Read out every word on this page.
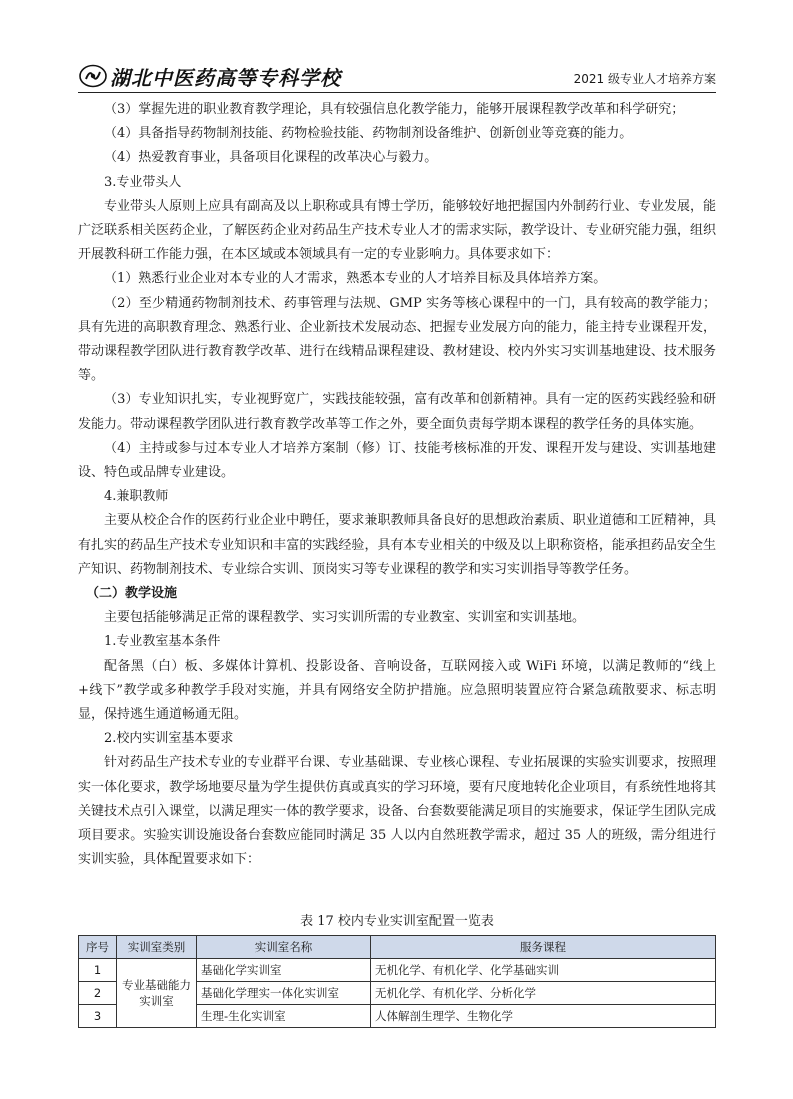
湖北中医药高等专科学校	2021 级专业人才培养方案

（3）掌握先进的职业教育教学理论，具有较强信息化教学能力，能够开展课程教学改革和科学研究；

（4）具备指导药物制剂技能、药物检验技能、药物制剂设备维护、创新创业等竞赛的能力。

（4）热爱教育事业，具备项目化课程的改革决心与毅力。

3.专业带头人

专业带头人原则上应具有副高及以上职称或具有博士学历，能够较好地把握国内外制药行业、专业发展，能广泛联系相关医药企业，了解医药企业对药品生产技术专业人才的需求实际，教学设计、专业研究能力强，组织开展教科研工作能力强，在本区域或本领域具有一定的专业影响力。具体要求如下：

（1）熟悉行业企业对本专业的人才需求，熟悉本专业的人才培养目标及具体培养方案。

（2）至少精通药物制剂技术、药事管理与法规、GMP 实务等核心课程中的一门，具有较高的教学能力；具有先进的高职教育理念、熟悉行业、企业新技术发展动态、把握专业发展方向的能力，能主持专业课程开发，带动课程教学团队进行教育教学改革、进行在线精品课程建设、教材建设、校内外实习实训基地建设、技术服务等。

（3）专业知识扎实，专业视野宽广，实践技能较强，富有改革和创新精神。具有一定的医药实践经验和研发能力。带动课程教学团队进行教育教学改革等工作之外，要全面负责每学期本课程的教学任务的具体实施。

（4）主持或参与过本专业人才培养方案制（修）订、技能考核标准的开发、课程开发与建设、实训基地建设、特色或品牌专业建设。

4.兼职教师

主要从校企合作的医药行业企业中聘任，要求兼职教师具备良好的思想政治素质、职业道德和工匠精神，具有扎实的药品生产技术专业知识和丰富的实践经验，具有本专业相关的中级及以上职称资格，能承担药品安全生产知识、药物制剂技术、专业综合实训、顶岗实习等专业课程的教学和实习实训指导等教学任务。

（二）教学设施

主要包括能够满足正常的课程教学、实习实训所需的专业教室、实训室和实训基地。

1.专业教室基本条件

配备黑（白）板、多媒体计算机、投影设备、音响设备，互联网接入或 WiFi 环境，以满足教师的“线上+线下”教学或多种教学手段对实施，并具有网络安全防护措施。应急照明装置应符合紧急疏散要求、标志明显，保持逃生通道畅通无阻。

2.校内实训室基本要求

针对药品生产技术专业的专业群平台课、专业基础课、专业核心课程、专业拓展课的实验实训要求，按照理实一体化要求，教学场地要尽量为学生提供仿真或真实的学习环境，要有尺度地转化企业项目，有系统性地将其关键技术点引入课堂，以满足理实一体的教学要求，设备、台套数要能满足项目的实施要求，保证学生团队完成项目要求。实验实训设施设备台套数应能同时满足 35 人以内自然班教学需求，超过 35 人的班级，需分组进行实训实验，具体配置要求如下：

表 17 校内专业实训室配置一览表
序号	实训室类别	实训室名称	服务课程
1	专业基础能力实训室	基础化学实训室	无机化学、有机化学、化学基础实训
2		基础化学理实一体化实训室	无机化学、有机化学、分析化学
3		生理-生化实训室	人体解剖生理学、生物化学
